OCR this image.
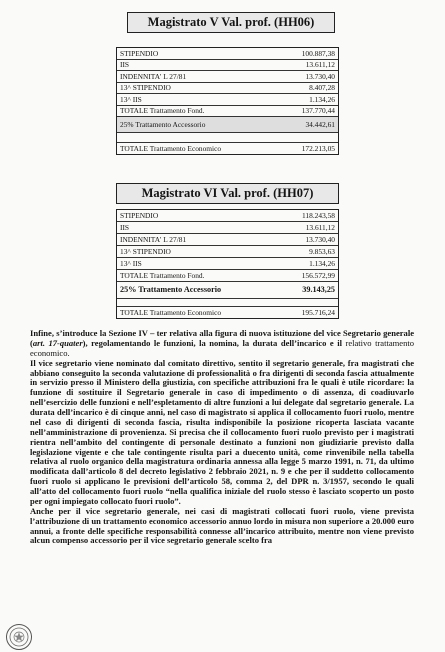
Magistrato V Val. prof. (HH06)
STIPENDIO	100.887,38
IIS	13.611,12
INDENNITA' L 27/81	13.730,40
13^ STIPENDIO	8.407,28
13^ IIS	1.134,26
TOTALE Trattamento Fond.	137.770,44
25% Trattamento Accessorio	34.442,61
TOTALE Trattamento Economico	172.213,05
Magistrato VI Val. prof. (HH07)
STIPENDIO	118.243,58
IIS	13.611,12
INDENNITA' L 27/81	13.730,40
13^ STIPENDIO	9.853,63
13^ IIS	1.134,26
TOTALE Trattamento Fond.	156.572,99
25% Trattamento Accessorio	39.143,25
TOTALE Trattamento Economico	195.716,24

Infine, s’introduce la Sezione IV – ter relativa alla figura di nuova istituzione del vice Segretario generale (art. 17-quater), regolamentando le funzioni, la nomina, la durata dell’incarico e il relativo trattamento economico.

Il vice segretario viene nominato dal comitato direttivo, sentito il segretario generale, fra magistrati che abbiano conseguito la seconda valutazione di professionalità o fra dirigenti di seconda fascia attualmente in servizio presso il Ministero della giustizia, con specifiche attribuzioni fra le quali è utile ricordare: la funzione di sostituire il Segretario generale in caso di impedimento o di assenza, di coadiuvarlo nell’esercizio delle funzioni e nell’espletamento di altre funzioni a lui delegate dal segretario generale. La durata dell’incarico è di cinque anni, nel caso di magistrato si applica il collocamento fuori ruolo, mentre nel caso di dirigenti di seconda fascia, risulta indisponibile la posizione ricoperta lasciata vacante nell’amministrazione di provenienza. Si precisa che il collocamento fuori ruolo previsto per i magistrati rientra nell’ambito del contingente di personale destinato a funzioni non giudiziarie previsto dalla legislazione vigente e che tale contingente risulta pari a duecento unità, come rinvenibile nella tabella relativa al ruolo organico della magistratura ordinaria annessa alla legge 5 marzo 1991, n. 71, da ultimo modificata dall’articolo 8 del decreto legislativo 2 febbraio 2021, n. 9 e che per il suddetto collocamento fuori ruolo si applicano le previsioni dell’articolo 58, comma 2, del DPR n. 3/1957, secondo le quali all’atto del collocamento fuori ruolo “nella qualifica iniziale del ruolo stesso è lasciato scoperto un posto per ogni impiegato collocato fuori ruolo”.

Anche per il vice segretario generale, nei casi di magistrati collocati fuori ruolo, viene prevista l’attribuzione di un trattamento economico accessorio annuo lordo in misura non superiore a 20.000 euro annui, a fronte delle specifiche responsabilità connesse all’incarico attribuito, mentre non viene previsto alcun compenso accessorio per il vice segretario generale scelto fra
